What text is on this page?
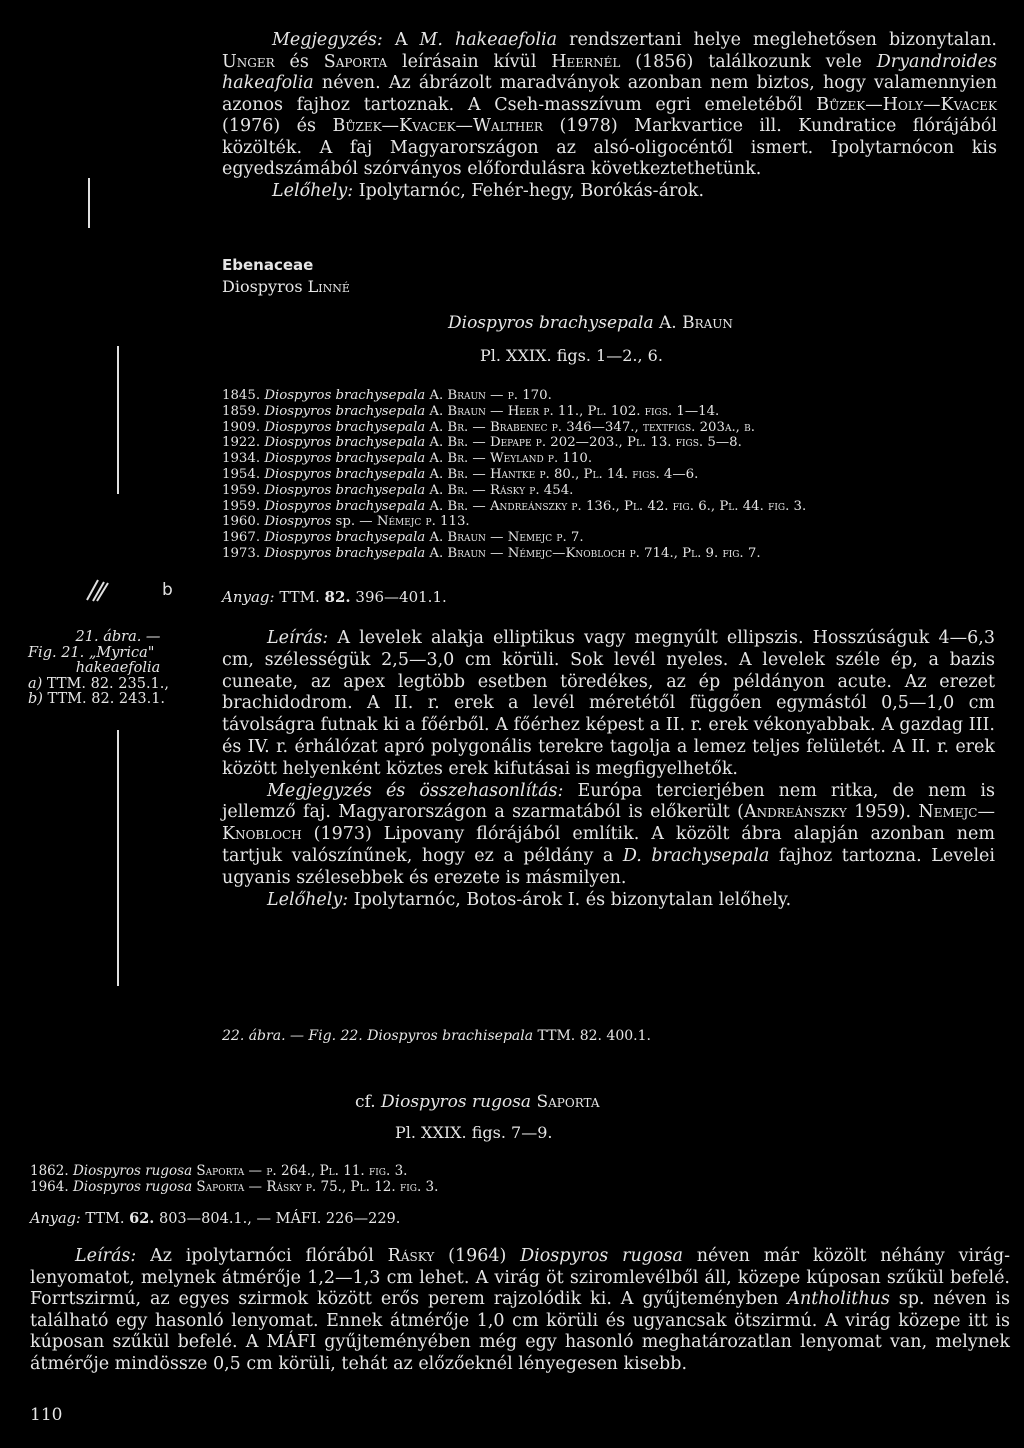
Megjegyzés: A M. hakeaefolia rendszertani helye meglehetősen bizonytalan. Unger és Saporta leírásain kívül Heernél (1856) találkozunk vele Dryandroides hakeafolia néven. Az ábrázolt maradványok azonban nem biztos, hogy valamennyien azonos fajhoz tartoznak. A Cseh-masszívum egri emeletéből Bůzek—Holy—Kvacek (1976) és Bůzek—Kvacek—Walther (1978) Markvartice ill. Kundratice flórájából közölték. A faj Magyarországon az alsó-oligocéntől ismert. Ipolytarnócon kis egyedszámából szórványos előfordulásra következtethetünk.
Lelőhely: Ipolytarnóc, Fehér-hegy, Borókás-árok.
Ebenaceae
Diospyros Linné
Diospyros brachysepala A. Braun
Pl. XXIX. figs. 1—2., 6.
1845. Diospyros brachysepala A. Braun — p. 170.
1859. Diospyros brachysepala A. Braun — Heer p. 11., Pl. 102. figs. 1—14.
1909. Diospyros brachysepala A. Br. — Brabenec p. 346—347., textfigs. 203a., b.
1922. Diospyros brachysepala A. Br. — Depape p. 202—203., Pl. 13. figs. 5—8.
1934. Diospyros brachysepala A. Br. — Weyland p. 110.
1954. Diospyros brachysepala A. Br. — Hantke p. 80., Pl. 14. figs. 4—6.
1959. Diospyros brachysepala A. Br. — Rásky p. 454.
1959. Diospyros brachysepala A. Br. — Andreánszky p. 136., Pl. 42. fig. 6., Pl. 44. fig. 3.
1960. Diospyros sp. — Némejc p. 113.
1967. Diospyros brachysepala A. Braun — Nemejc p. 7.
1973. Diospyros brachysepala A. Braun — Némejc—Knobloch p. 714., Pl. 9. fig. 7.
Anyag: TTM. 82. 396—401.1.
b
21. ábra. —
Fig. 21. „Myrica"
hakeaefolia
a) TTM. 82. 235.1.,
b) TTM. 82. 243.1.

Leírás: A levelek alakja elliptikus vagy megnyúlt ellipszis. Hosszúságuk 4—6,3 cm, szélességük 2,5—3,0 cm körüli. Sok levél nyeles. A levelek széle ép, a bazis cuneate, az apex legtöbb esetben töredékes, az ép példányon acute. Az erezet brachidodrom. A II. r. erek a levél méretétől függően egymástól 0,5—1,0 cm távolságra futnak ki a főérből. A főérhez képest a II. r. erek vékonyabbak. A gazdag III. és IV. r. érhálózat apró polygonális terekre tagolja a lemez teljes felületét. A II. r. erek között helyenként köztes erek kifutásai is megfigyelhetők.

Megjegyzés és összehasonlítás: Európa tercierjében nem ritka, de nem is jellemző faj. Magyarországon a szarmatából is előkerült (Andreánszky 1959). Nemejc—Knobloch (1973) Lipovany flórájából említik. A közölt ábra alapján azonban nem tartjuk valószínűnek, hogy ez a példány a D. brachysepala fajhoz tartozna. Levelei ugyanis szélesebbek és erezete is másmilyen.

Lelőhely: Ipolytarnóc, Botos-árok I. és bizonytalan lelőhely.

22. ábra. — Fig. 22. Diospyros brachisepala TTM. 82. 400.1.
cf. Diospyros rugosa Saporta
Pl. XXIX. figs. 7—9.
1862. Diospyros rugosa Saporta — p. 264., Pl. 11. fig. 3.
1964. Diospyros rugosa Saporta — Rásky p. 75., Pl. 12. fig. 3.
Anyag: TTM. 62. 803—804.1., — MÁFI. 226—229.

Leírás: Az ipolytarnóci flórából Rásky (1964) Diospyros rugosa néven már közölt néhány virág-lenyomatot, melynek átmérője 1,2—1,3 cm lehet. A virág öt sziromlevélből áll, közepe kúposan szűkül befelé. Forrtszirmú, az egyes szirmok között erős perem rajzolódik ki. A gyűjteményben Antholithus sp. néven is található egy hasonló lenyomat. Ennek átmérője 1,0 cm körüli és ugyancsak ötszirmú. A virág közepe itt is kúposan szűkül befelé. A MÁFI gyűjteményében még egy hasonló meghatározatlan lenyomat van, melynek átmérője mindössze 0,5 cm körüli, tehát az előzőeknél lényegesen kisebb.

110
